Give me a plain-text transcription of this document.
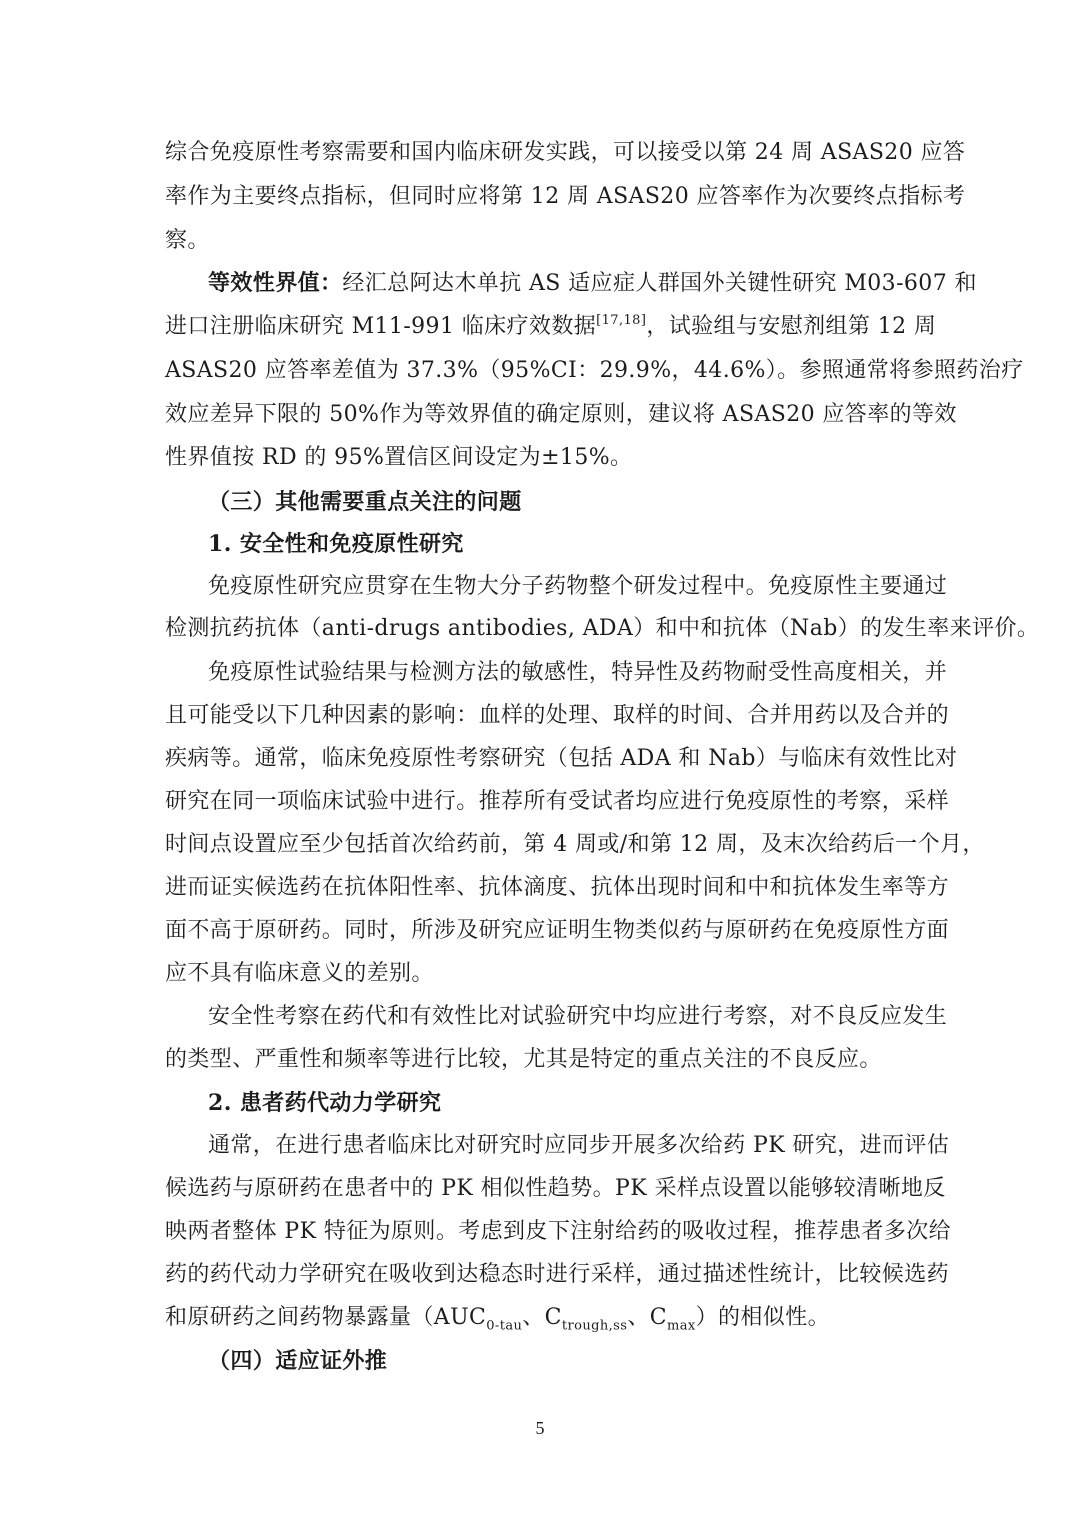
综合免疫原性考察需要和国内临床研发实践，可以接受以第 24 周 ASAS20 应答
率作为主要终点指标，但同时应将第 12 周 ASAS20 应答率作为次要终点指标考
察。
等效性界值：经汇总阿达木单抗 AS 适应症人群国外关键性研究 M03-607 和
进口注册临床研究 M11-991 临床疗效数据[17,18]，试验组与安慰剂组第 12 周
ASAS20 应答率差值为 37.3%（95%CI：29.9%，44.6%）。参照通常将参照药治疗
效应差异下限的 50%作为等效界值的确定原则，建议将 ASAS20 应答率的等效
性界值按 RD 的 95%置信区间设定为±15%。
（三）其他需要重点关注的问题
1. 安全性和免疫原性研究
免疫原性研究应贯穿在生物大分子药物整个研发过程中。免疫原性主要通过
检测抗药抗体（anti-drugs antibodies, ADA）和中和抗体（Nab）的发生率来评价。
免疫原性试验结果与检测方法的敏感性，特异性及药物耐受性高度相关，并
且可能受以下几种因素的影响：血样的处理、取样的时间、合并用药以及合并的
疾病等。通常，临床免疫原性考察研究（包括 ADA 和 Nab）与临床有效性比对
研究在同一项临床试验中进行。推荐所有受试者均应进行免疫原性的考察，采样
时间点设置应至少包括首次给药前，第 4 周或/和第 12 周，及末次给药后一个月，
进而证实候选药在抗体阳性率、抗体滴度、抗体出现时间和中和抗体发生率等方
面不高于原研药。同时，所涉及研究应证明生物类似药与原研药在免疫原性方面
应不具有临床意义的差别。
安全性考察在药代和有效性比对试验研究中均应进行考察，对不良反应发生
的类型、严重性和频率等进行比较，尤其是特定的重点关注的不良反应。
2. 患者药代动力学研究
通常，在进行患者临床比对研究时应同步开展多次给药 PK 研究，进而评估
候选药与原研药在患者中的 PK 相似性趋势。PK 采样点设置以能够较清晰地反
映两者整体 PK 特征为原则。考虑到皮下注射给药的吸收过程，推荐患者多次给
药的药代动力学研究在吸收到达稳态时进行采样，通过描述性统计，比较候选药
和原研药之间药物暴露量（$AUC_{0-tau}$、$C_{trough,ss}$、$C_{max}$）的相似性。
（四）适应证外推
5
